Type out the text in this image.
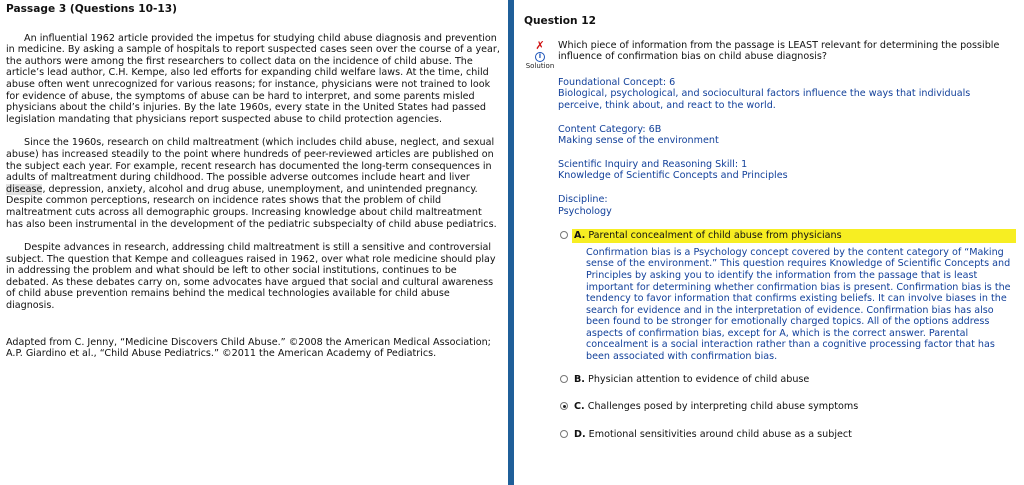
Passage 3 (Questions 10-13)

An influential 1962 article provided the impetus for studying child abuse diagnosis and prevention in medicine. By asking a sample of hospitals to report suspected cases seen over the course of a year, the authors were among the first researchers to collect data on the incidence of child abuse. The article’s lead author, C.H. Kempe, also led efforts for expanding child welfare laws. At the time, child abuse often went unrecognized for various reasons; for instance, physicians were not trained to look for evidence of abuse, the symptoms of abuse can be hard to interpret, and some parents misled physicians about the child’s injuries. By the late 1960s, every state in the United States had passed legislation mandating that physicians report suspected abuse to child protection agencies.

Since the 1960s, research on child maltreatment (which includes child abuse, neglect, and sexual abuse) has increased steadily to the point where hundreds of peer-reviewed articles are published on the subject each year. For example, recent research has documented the long-term consequences in adults of maltreatment during childhood. The possible adverse outcomes include heart and liver disease, depression, anxiety, alcohol and drug abuse, unemployment, and unintended pregnancy. Despite common perceptions, research on incidence rates shows that the problem of child maltreatment cuts across all demographic groups. Increasing knowledge about child maltreatment has also been instrumental in the development of the pediatric subspecialty of child abuse pediatrics.

Despite advances in research, addressing child maltreatment is still a sensitive and controversial subject. The question that Kempe and colleagues raised in 1962, over what role medicine should play in addressing the problem and what should be left to other social institutions, continues to be debated. As these debates carry on, some advocates have argued that social and cultural awareness of child abuse prevention remains behind the medical technologies available for child abuse diagnosis.

Adapted from C. Jenny, “Medicine Discovers Child Abuse.” ©2008 the American Medical Association; A.P. Giardino et al., “Child Abuse Pediatrics.” ©2011 the American Academy of Pediatrics.

Question 12
✗
i
Solution
Which piece of information from the passage is LEAST relevant for determining the possible influence of confirmation bias on child abuse diagnosis?
Foundational Concept: 6
Biological, psychological, and sociocultural factors influence the ways that individuals perceive, think about, and react to the world.
Content Category: 6B
Making sense of the environment
Scientific Inquiry and Reasoning Skill: 1
Knowledge of Scientific Concepts and Principles
Discipline:
Psychology
A. Parental concealment of child abuse from physicians
Confirmation bias is a Psychology concept covered by the content category of “Making sense of the environment.” This question requires Knowledge of Scientific Concepts and Principles by asking you to identify the information from the passage that is least important for determining whether confirmation bias is present. Confirmation bias is the tendency to favor information that confirms existing beliefs. It can involve biases in the search for evidence and in the interpretation of evidence. Confirmation bias has also been found to be stronger for emotionally charged topics. All of the options address aspects of confirmation bias, except for A, which is the correct answer. Parental concealment is a social interaction rather than a cognitive processing factor that has been associated with confirmation bias.
B. Physician attention to evidence of child abuse
C. Challenges posed by interpreting child abuse symptoms
D. Emotional sensitivities around child abuse as a subject
